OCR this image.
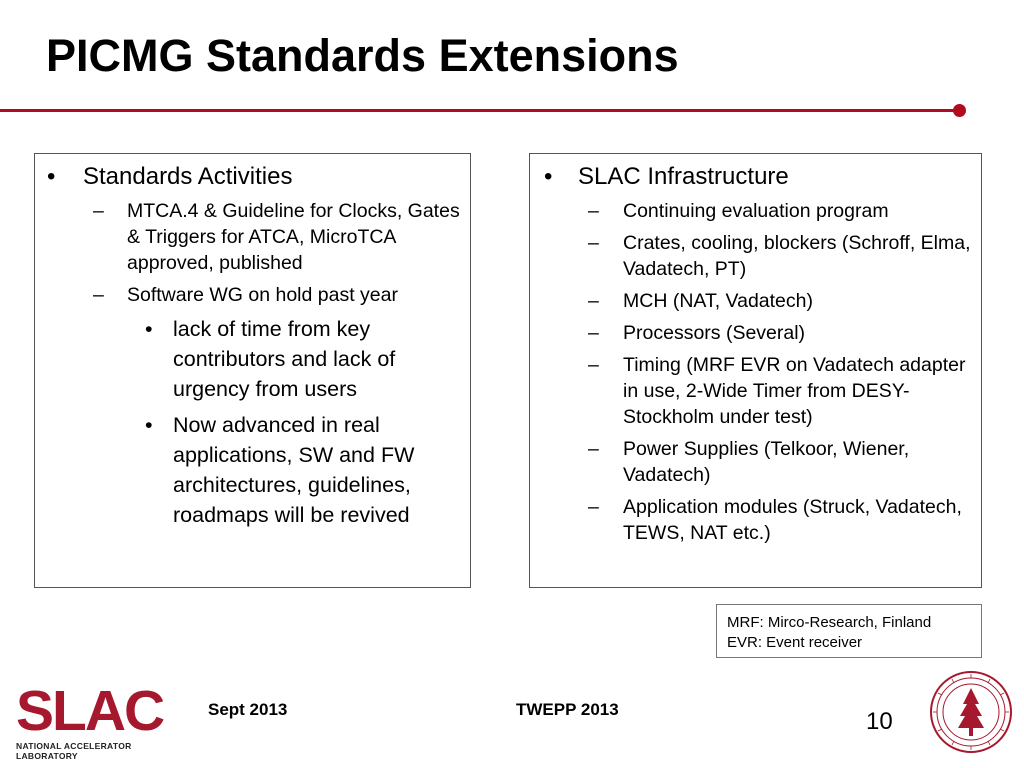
PICMG Standards Extensions
• Standards Activities
– MTCA.4 & Guideline for Clocks, Gates & Triggers for ATCA, MicroTCA approved, published
– Software WG on hold past year
• lack of time from key contributors and lack of urgency from users
• Now advanced in real applications, SW and FW architectures, guidelines, roadmaps will be revived
• SLAC Infrastructure
– Continuing evaluation program
– Crates, cooling, blockers (Schroff, Elma, Vadatech, PT)
– MCH (NAT, Vadatech)
– Processors (Several)
– Timing (MRF EVR on Vadatech adapter in use, 2-Wide Timer from DESY-Stockholm under test)
– Power Supplies (Telkoor, Wiener, Vadatech)
– Application modules (Struck, Vadatech, TEWS, NAT etc.)
MRF: Mirco-Research, Finland
EVR: Event receiver
SLAC
NATIONAL ACCELERATOR LABORATORY
Sept 2013	TWEPP 2013	10
